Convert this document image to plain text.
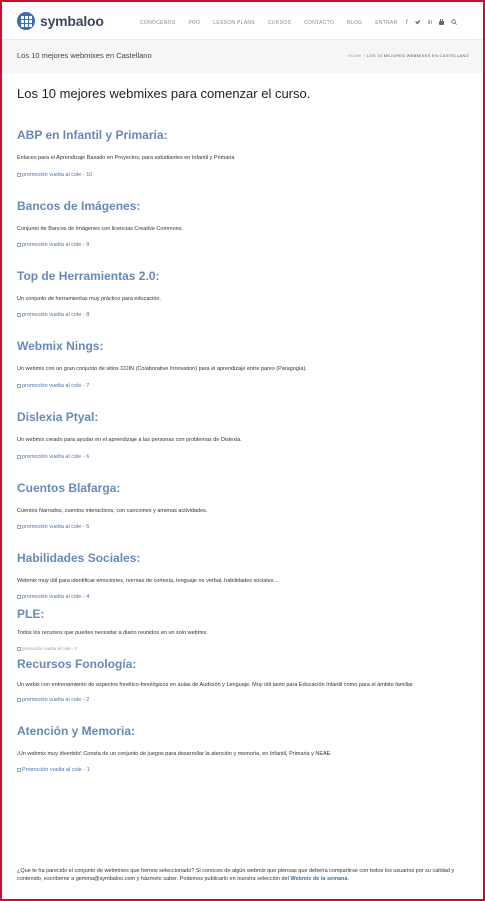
symbaloo	CONÓCENOS	PRO	LESSON PLANS	CURSOS	CONTACTO	BLOG	ENTRAR f	in
Los 10 mejores webmixes en Castellano	HOME / LOS 10 MEJORES WEBMIXES EN CASTELLANO
Los 10 mejores webmixes para comenzar el curso.
ABP en Infantil y Primaria:
Enlaces para el Aprendizaje Basado en Proyectos, para estudiantes en Infantil y Primaria
promoción vuelta al cole - 10
Bancos de Imágenes:
Conjunto de Bancos de Imágenes con licencias Creative Commons.
promoción vuelta al cole - 9
Top de Herramientas 2.0:
Un conjunto de herramientas muy práctico para educación.
promoción vuelta al cole - 8
Webmix Nings:
Un webmix con un gran conjunto de sitios COIN (Colaborative Innovation) para el aprendizaje entre pares (Paragogía).
promoción vuelta al cole - 7
Dislexia Ptyal:
Un webmix creado para ayudar en el aprendizaje a las personas con problemas de Dislexia.
promoción vuelta al cole - 6
Cuentos Blafarga:
Cuentos Narrados, cuentos interactivos, con canciones y amenas actividades.
promoción vuelta al cole - 5
Habilidades Sociales:
Webmix muy útil para identificar emociones, normas de cortesía, lenguaje no verbal, habilidades sociales…
promoción vuelta al cole - 4
PLE:
Todos los recursos que puedes necesitar a diario reunidos en un solo webmix.
promoción vuelta al cole - 3
Recursos Fonología:
Un webix con entrenamiento de aspectos fonético-fonológicos en aulas de Audición y Lenguaje. Muy útil tanto para Educación Infantil como para el ámbito familiar.
promoción vuelta al cole - 2
Atención y Memoria:
¡Un webmix muy divertido! Consta de un conjunto de juegos para desarrollar la atención y memoria, en Infantil, Primaria y NEAE.
Promoción vuelta al cole - 1
¿Que te ha parecido el conjunto de webmixes que hemos seleccionado? Si conoces de algún webmix que piensas que debería compartirse con todos los usuarios por su calidad y contenido, escríbeme a gemma@symbaloo.com y házmelo saber. Podemos publicarlo en nuestra selección del Webmix de la semana.
